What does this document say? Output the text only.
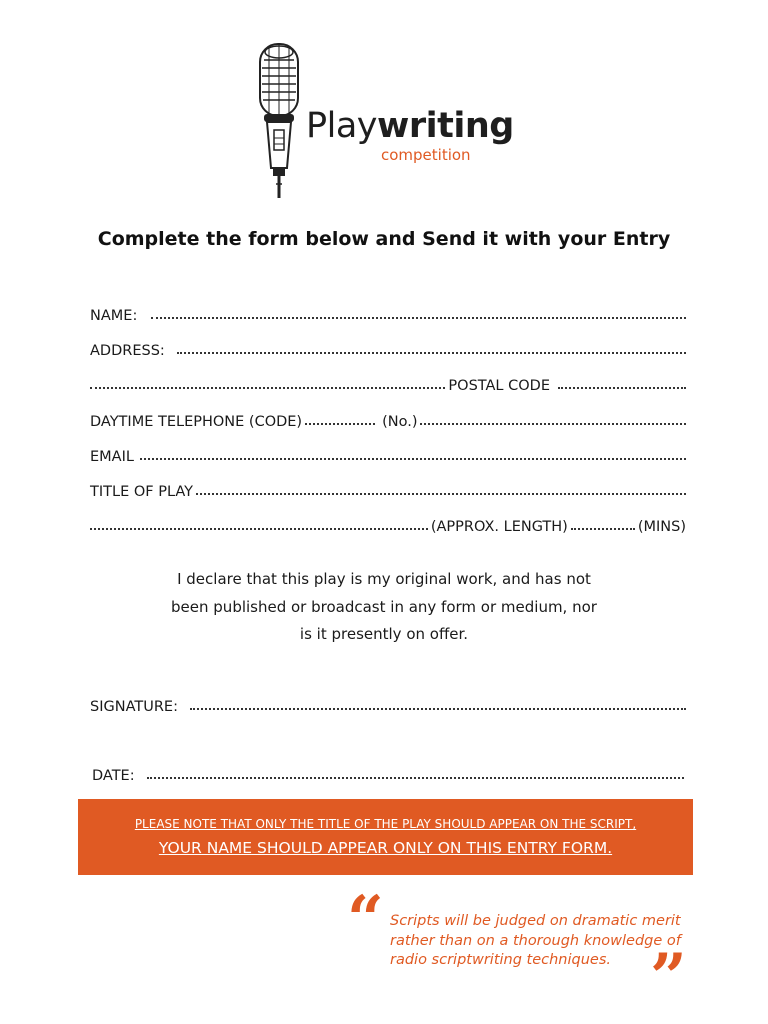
Playwriting
competition
Complete the form below and Send it with your Entry
NAME:
ADDRESS:
POSTAL CODE
DAYTIME TELEPHONE (CODE)	(No.)
EMAIL
TITLE OF PLAY
(APPROX. LENGTH)	(MINS)
I declare that this play is my original work, and has not
been published or broadcast in any form or medium, nor
is it presently on offer.
SIGNATURE:
DATE:
PLEASE NOTE THAT ONLY THE TITLE OF THE PLAY SHOULD APPEAR ON THE SCRIPT,
YOUR NAME SHOULD APPEAR ONLY ON THIS ENTRY FORM.
“ Scripts will be judged on dramatic merit
rather than on a thorough knowledge of
radio scriptwriting techniques. ”
